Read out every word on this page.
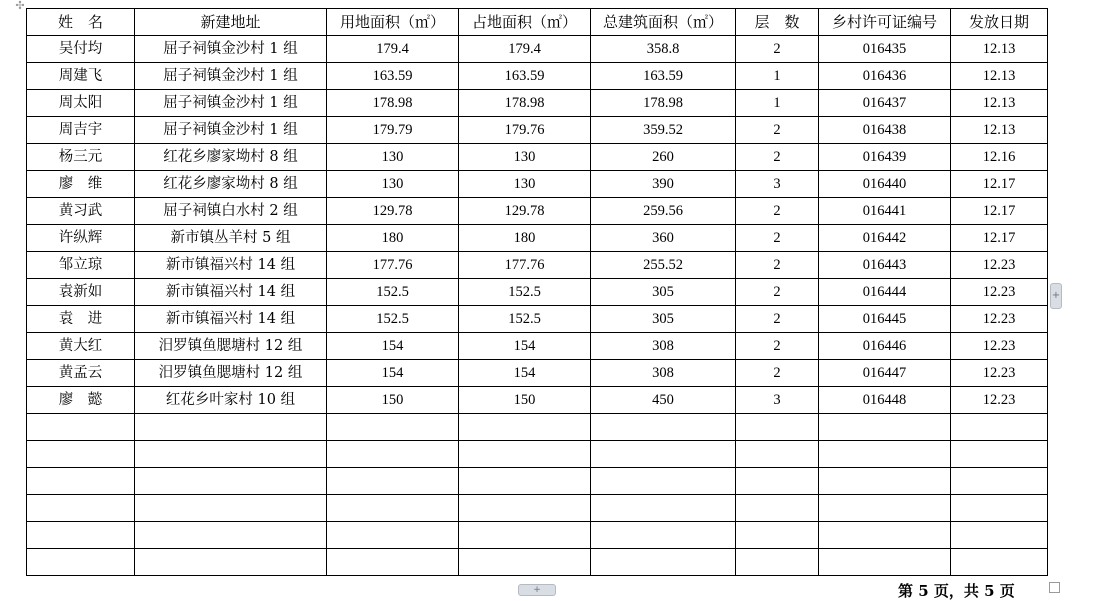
✣
姓　名	新建地址	用地面积（㎡）	占地面积（㎡）	总建筑面积（㎡）	层　数	乡村许可证编号	发放日期
吴付均	屈子祠镇金沙村 1 组	179.4	179.4	358.8	2	016435	12.13
周建飞	屈子祠镇金沙村 1 组	163.59	163.59	163.59	1	016436	12.13
周太阳	屈子祠镇金沙村 1 组	178.98	178.98	178.98	1	016437	12.13
周吉宇	屈子祠镇金沙村 1 组	179.79	179.76	359.52	2	016438	12.13
杨三元	红花乡廖家坳村 8 组	130	130	260	2	016439	12.16
廖　维	红花乡廖家坳村 8 组	130	130	390	3	016440	12.17
黄习武	屈子祠镇白水村 2 组	129.78	129.78	259.56	2	016441	12.17
许纵辉	新市镇丛羊村 5 组	180	180	360	2	016442	12.17
邹立琼	新市镇福兴村 14 组	177.76	177.76	255.52	2	016443	12.23
袁新如	新市镇福兴村 14 组	152.5	152.5	305	2	016444	12.23
袁　进	新市镇福兴村 14 组	152.5	152.5	305	2	016445	12.23
黄大红	汨罗镇鱼腮塘村 12 组	154	154	308	2	016446	12.23
黄孟云	汨罗镇鱼腮塘村 12 组	154	154	308	2	016447	12.23
廖　懿	红花乡叶家村 10 组	150	150	450	3	016448	12.23

+
+	第 5 页，共 5 页
